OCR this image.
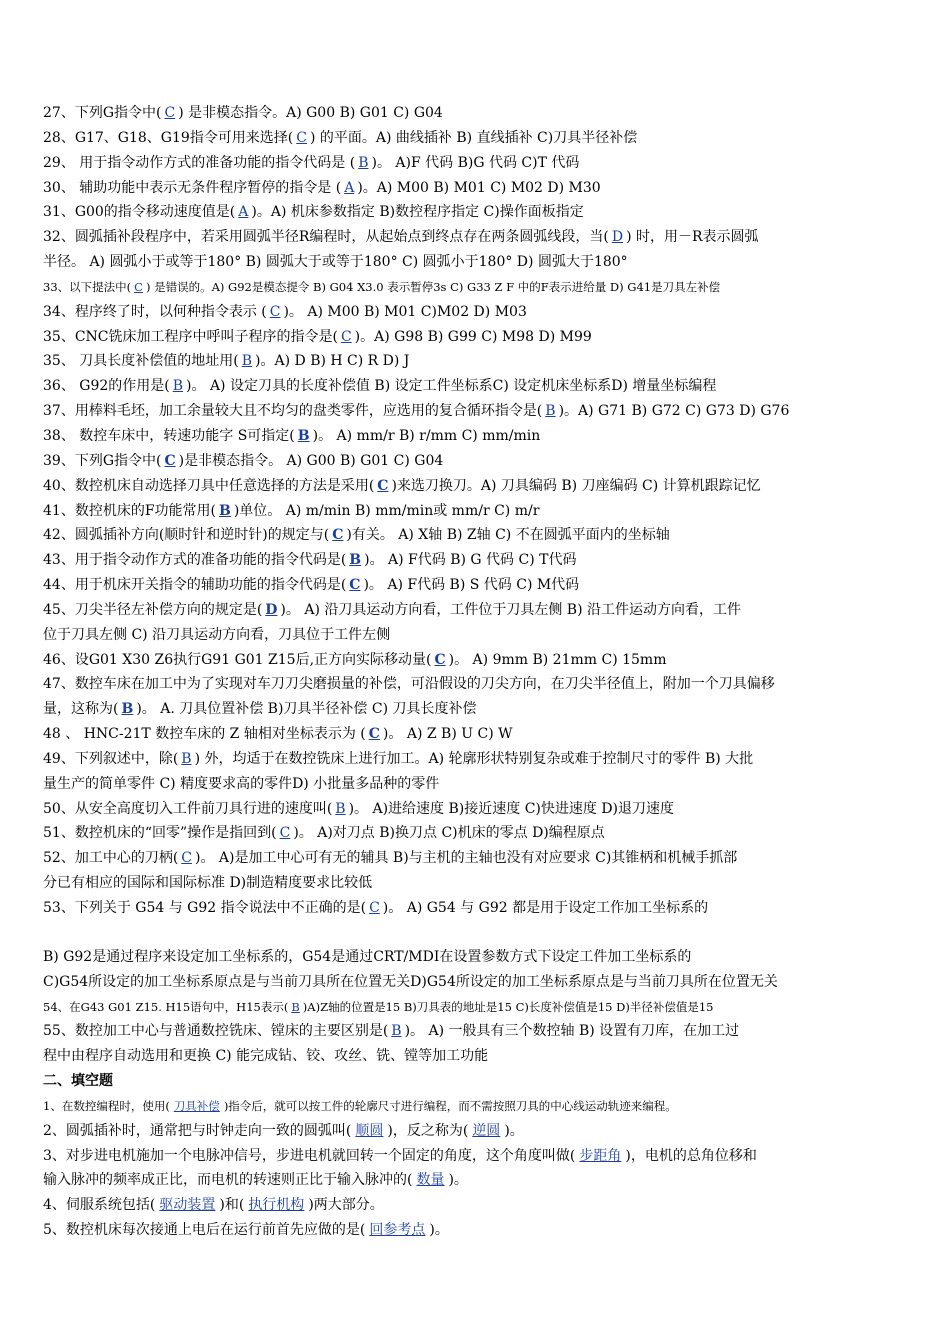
27、下列G指令中( C ) 是非模态指令。A) G00 B) G01 C) G04
28、G17、G18、G19指令可用来选择( C ) 的平面。A) 曲线插补 B) 直线插补 C)刀具半径补偿
29、 用于指令动作方式的准备功能的指令代码是 ( B )。 A)F 代码 B)G 代码 C)T 代码
30、 辅助功能中表示无条件程序暂停的指令是 ( A )。A) M00 B) M01 C) M02 D) M30
31、G00的指令移动速度值是( A )。A) 机床参数指定 B)数控程序指定 C)操作面板指定
32、圆弧插补段程序中，若采用圆弧半径R编程时，从起始点到终点存在两条圆弧线段，当( D ) 时，用－R表示圆弧
半径。 A) 圆弧小于或等于180° B) 圆弧大于或等于180° C) 圆弧小于180° D) 圆弧大于180°
33、以下提法中( C ) 是错误的。A) G92是模态提令 B) G04 X3.0 表示暂停3s C) G33 Z F 中的F表示进给量 D) G41是刀具左补偿
34、程序终了时，以何种指令表示 ( C )。 A) M00 B) M01 C)M02 D) M03
35、CNC铣床加工程序中呼叫子程序的指令是( C )。A) G98 B) G99 C) M98 D) M99
35、 刀具长度补偿值的地址用( B )。A) D B) H C) R D) J
36、 G92的作用是( B )。 A) 设定刀具的长度补偿值 B) 设定工件坐标系C) 设定机床坐标系D) 增量坐标编程
37、用棒料毛坯，加工余量较大且不均匀的盘类零件，应选用的复合循环指令是( B )。A) G71 B) G72 C) G73 D) G76
38、 数控车床中，转速功能字 S可指定( B )。 A) mm/r B) r/mm C) mm/min
39、下列G指令中( C )是非模态指令。 A) G00 B) G01 C) G04
40、数控机床自动选择刀具中任意选择的方法是采用( C )来选刀换刀。A) 刀具编码 B) 刀座编码 C) 计算机跟踪记忆
41、数控机床的F功能常用( B )单位。 A) m/min B) mm/min或 mm/r C) m/r
42、圆弧插补方向(顺时针和逆时针)的规定与( C )有关。 A) X轴 B) Z轴 C) 不在圆弧平面内的坐标轴
43、用于指令动作方式的准备功能的指令代码是( B )。 A) F代码 B) G 代码 C) T代码
44、用于机床开关指令的辅助功能的指令代码是( C )。 A) F代码 B) S 代码 C) M代码
45、刀尖半径左补偿方向的规定是( D )。 A) 沿刀具运动方向看，工件位于刀具左侧 B) 沿工件运动方向看，工件
位于刀具左侧 C) 沿刀具运动方向看，刀具位于工件左侧
46、设G01 X30 Z6执行G91 G01 Z15后,正方向实际移动量( C )。 A) 9mm B) 21mm C) 15mm
47、数控车床在加工中为了实现对车刀刀尖磨损量的补偿，可沿假设的刀尖方向，在刀尖半径值上，附加一个刀具偏移
量，这称为( B )。 A. 刀具位置补偿 B)刀具半径补偿 C) 刀具长度补偿
48 、 HNC-21T 数控车床的 Z 轴相对坐标表示为 ( C )。 A) Z B) U C) W
49、下列叙述中，除( B ) 外，均适于在数控铣床上进行加工。A) 轮廓形状特别复杂或难于控制尺寸的零件 B) 大批
量生产的简单零件 C) 精度要求高的零件D) 小批量多品种的零件
50、从安全高度切入工件前刀具行进的速度叫( B )。 A)进给速度 B)接近速度 C)快进速度 D)退刀速度
51、数控机床的“回零”操作是指回到( C )。 A)对刀点 B)换刀点 C)机床的零点 D)编程原点
52、加工中心的刀柄( C )。 A)是加工中心可有无的辅具 B)与主机的主轴也没有对应要求 C)其锥柄和机械手抓部
分已有相应的国际和国际标准 D)制造精度要求比较低
53、下列关于 G54 与 G92 指令说法中不正确的是( C )。 A) G54 与 G92 都是用于设定工作加工坐标系的
B) G92是通过程序来设定加工坐标系的，G54是通过CRT/MDI在设置参数方式下设定工件加工坐标系的
C)G54所设定的加工坐标系原点是与当前刀具所在位置无关D)G54所设定的加工坐标系原点是与当前刀具所在位置无关
54、在G43 G01 Z15. H15语句中，H15表示( B )A)Z轴的位置是15 B)刀具表的地址是15 C)长度补偿值是15 D)半径补偿值是15
55、数控加工中心与普通数控铣床、镗床的主要区别是( B )。 A) 一般具有三个数控轴 B) 设置有刀库，在加工过
程中由程序自动选用和更换 C) 能完成钻、铰、攻丝、铣、镗等加工功能
二、填空题
1、在数控编程时，使用( 刀具补偿 )指令后，就可以按工件的轮廓尺寸进行编程，而不需按照刀具的中心线运动轨迹来编程。
2、圆弧插补时，通常把与时钟走向一致的圆弧叫( 顺圆 )，反之称为( 逆圆 )。
3、对步进电机施加一个电脉冲信号，步进电机就回转一个固定的角度，这个角度叫做( 步距角 )，电机的总角位移和
输入脉冲的频率成正比，而电机的转速则正比于输入脉冲的( 数量 )。
4、伺服系统包括( 驱动装置 )和( 执行机构 )两大部分。
5、数控机床每次接通上电后在运行前首先应做的是( 回参考点 )。
